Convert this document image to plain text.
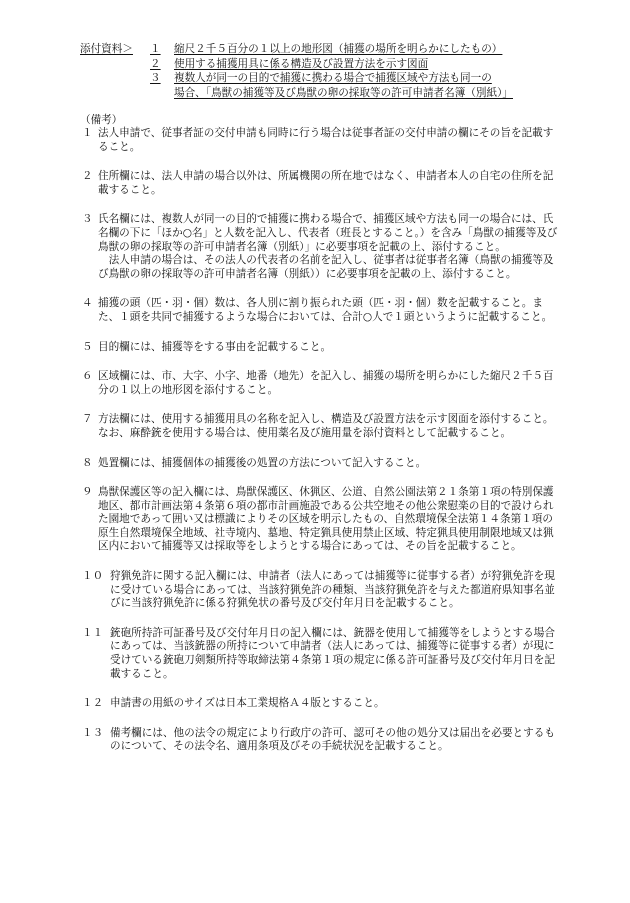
添付資料＞	１	縮尺２千５百分の１以上の地形図（捕獲の場所を明らかにしたもの）
２	使用する捕獲用具に係る構造及び設置方法を示す図面
３	複数人が同一の目的で捕獲に携わる場合で捕獲区域や方法も同一の
場合、「鳥獣の捕獲等及び鳥獣の卵の採取等の許可申請者名簿（別紙）」
（備考）
１ 法人申請で、従事者証の交付申請も同時に行う場合は従事者証の交付申請の欄にその旨を記載すること。

２ 住所欄には、法人申請の場合以外は、所属機関の所在地ではなく、申請者本人の自宅の住所を記載すること。

３ 氏名欄には、複数人が同一の目的で捕獲に携わる場合で、捕獲区域や方法も同一の場合には、氏名欄の下に「ほか○名」と人数を記入し、代表者（班長とすること。）を含み「鳥獣の捕獲等及び鳥獣の卵の採取等の許可申請者名簿（別紙）」に必要事項を記載の上、添付すること。

法人申請の場合は、その法人の代表者の名前を記入し、従事者は従事者名簿（鳥獣の捕獲等及び鳥獣の卵の採取等の許可申請者名簿（別紙））に必要事項を記載の上、添付すること。

４ 捕獲の頭（匹・羽・個）数は、各人別に割り振られた頭（匹・羽・個）数を記載すること。また、１頭を共同で捕獲するような場合においては、合計○人で１頭というように記載すること。

５ 目的欄には、捕獲等をする事由を記載すること。

６ 区域欄には、市、大字、小字、地番（地先）を記入し、捕獲の場所を明らかにした縮尺２千５百分の１以上の地形図を添付すること。

７ 方法欄には、使用する捕獲用具の名称を記入し、構造及び設置方法を示す図面を添付すること。なお、麻酔銃を使用する場合は、使用薬名及び施用量を添付資料として記載すること。

８ 処置欄には、捕獲個体の捕獲後の処置の方法について記入すること。

９ 鳥獣保護区等の記入欄には、鳥獣保護区、休猟区、公道、自然公園法第２１条第１項の特別保護地区、都市計画法第４条第６項の都市計画施設である公共空地その他公衆慰楽の目的で設けられた園地であって囲い又は標識によりその区域を明示したもの、自然環境保全法第１４条第１項の原生自然環境保全地域、社寺境内、墓地、特定猟具使用禁止区域、特定猟具使用制限地域又は猟区内において捕獲等又は採取等をしようとする場合にあっては、その旨を記載すること。

１０ 狩猟免許に関する記入欄には、申請者（法人にあっては捕獲等に従事する者）が狩猟免許を現に受けている場合にあっては、当該狩猟免許の種類、当該狩猟免許を与えた都道府県知事名並びに当該狩猟免許に係る狩猟免状の番号及び交付年月日を記載すること。

１１ 銃砲所持許可証番号及び交付年月日の記入欄には、銃器を使用して捕獲等をしようとする場合にあっては、当該銃器の所持について申請者（法人にあっては、捕獲等に従事する者）が現に受けている銃砲刀剣類所持等取締法第４条第１項の規定に係る許可証番号及び交付年月日を記載すること。

１２ 申請書の用紙のサイズは日本工業規格Ａ４版とすること。

１３ 備考欄には、他の法令の規定により行政庁の許可、認可その他の処分又は届出を必要とするものについて、その法令名、適用条項及びその手続状況を記載すること。
